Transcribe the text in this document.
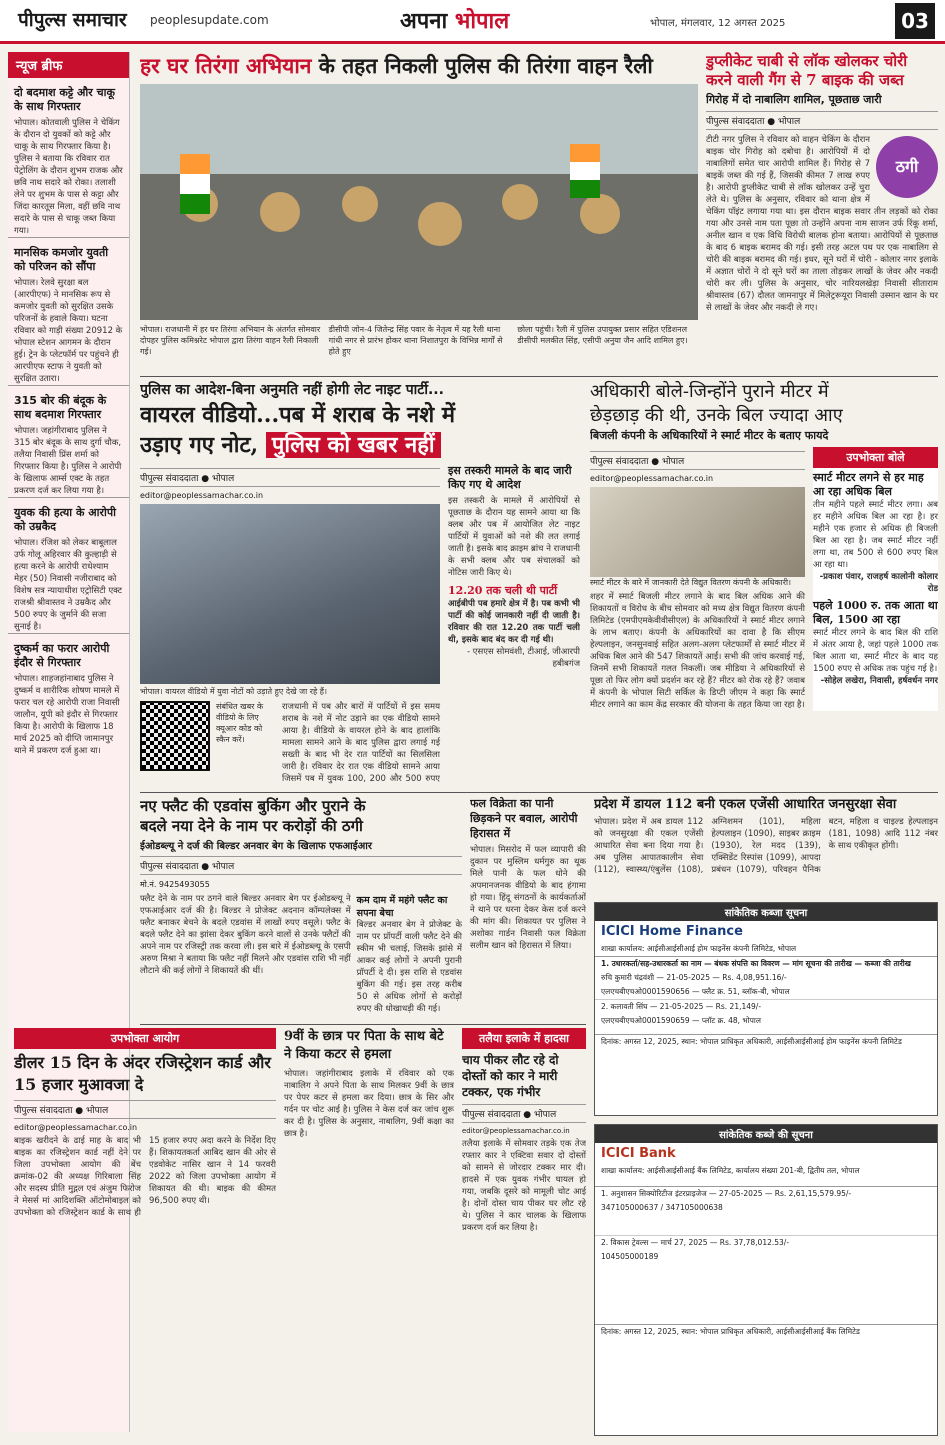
पीपुल्स समाचार peoplesupdate.com	अपना भोपाल	भोपाल, मंगलवार, 12 अगस्त 2025	03
न्यूज ब्रीफ
दो बदमाश कट्टे और चाकू के साथ गिरफ्तार
भोपाल। कोतवाली पुलिस ने चेकिंग के दौरान दो युवकों को कट्टे और चाकू के साथ गिरफ्तार किया है। पुलिस ने बताया कि रविवार रात पेट्रोलिंग के दौरान शुभम राजक और छवि नाथ सदारे को रोका। तलाशी लेने पर शुभम के पास से कट्टा और जिंदा कारतूस मिला, वहीं छवि नाथ सदारे के पास से चाकू जब्त किया गया।
मानसिक कमजोर युवती को परिजन को सौंपा
भोपाल। रेलवे सुरक्षा बल (आरपीएफ) ने मानसिक रूप से कमजोर युवती को सुरक्षित उसके परिजनों के हवाले किया। घटना रविवार को गाड़ी संख्या 20912 के भोपाल स्टेशन आगमन के दौरान हुई। ट्रेन के प्लेटफॉर्म पर पहुंचने ही आरपीएफ स्टाफ ने युवती को सुरक्षित उतारा।
315 बोर की बंदूक के साथ बदमाश गिरफ्तार
भोपाल। जहांगीराबाद पुलिस ने 315 बोर बंदूक के साथ दुर्गा चौक, तलैया निवासी प्रिंस शर्मा को गिरफ्तार किया है। पुलिस ने आरोपी के खिलाफ आर्म्स एक्ट के तहत प्रकरण दर्ज कर लिया गया है।
युवक की हत्या के आरोपी को उम्रकैद
भोपाल। रंजिश को लेकर बाबूलाल उर्फ गोलू अहिरवार की कुल्हाड़ी से हत्या करने के आरोपी राधेश्याम मेहर (50) निवासी नजीराबाद को विशेष सत्र न्यायाधीश एट्रोसिटी एक्ट राजश्री श्रीवास्तव ने उम्रकैद और 500 रुपए के जुर्माने की सजा सुनाई है।
दुष्कर्म का फरार आरोपी इंदौर से गिरफ्तार
भोपाल। शाहजहांनाबाद पुलिस ने दुष्कर्म व शारीरिक शोषण मामले में फरार चल रहे आरोपी राजा निवासी जालौन, यूपी को इंदौर से गिरफ्तार किया है। आरोपी के खिलाफ 18 मार्च 2025 को दीप्ति जामानपुर थाने में प्रकरण दर्ज हुआ था।
हर घर तिरंगा अभियान के तहत निकली पुलिस की तिरंगा वाहन रैली
भोपाल। राजधानी में हर घर तिरंगा अभियान के अंतर्गत सोमवार दोपहर पुलिस कमिश्नरेट भोपाल द्वारा तिरंगा वाहन रैली निकाली गई।
डीसीपी जोन-4 जितेन्द्र सिंह पवार के नेतृत्व में यह रैली थाना गांधी नगर से प्रारंभ होकर थाना निशातपुरा के विभिन्न मार्गों से होते हुए
छोला पहुंची। रैली में पुलिस उपायुक्त प्रसार सहित एडिशनल डीसीपी मलकीत सिंह, एसीपी अनुया जैन आदि शामिल हुए।
डुप्लीकेट चाबी से लॉक खोलकर चोरी
करने वाली गैंग से 7 बाइक की जब्त
गिरोह में दो नाबालिग शामिल, पूछताछ जारी
पीपुल्स संवाददाता ● भोपाल
ठगी
टीटी नगर पुलिस ने रविवार को वाहन चेकिंग के दौरान बाइक चोर गिरोह को दबोचा है। आरोपियों में दो नाबालिगों समेत चार आरोपी शामिल हैं। गिरोह से 7 बाइकें जब्त की गई हैं, जिसकी कीमत 7 लाख रुपए है। आरोपी डुप्लीकेट चाबी से लॉक खोलकर उन्हें चुरा लेते थे। पुलिस के अनुसार, रविवार को थाना क्षेत्र में चेकिंग पॉइंट लगाया गया था। इस दौरान बाइक सवार तीन लड़कों को रोका गया और उनसे नाम पता पूछा तो उन्होंने अपना नाम साजन उर्फ रिंकू शर्मा, अनील खान व एक विधि विरोधी बालक होना बताया। आरोपियों से पूछताछ के बाद 6 बाइक बरामद की गई। इसी तरह अटल पथ पर एक नाबालिग से चोरी की बाइक बरामद की गई। इधर, सूने घरों में चोरी - कोलार नगर इलाके में अज्ञात चोरों ने दो सूने घरों का ताला तोड़कर लाखों के जेवर और नकदी चोरी कर ली। पुलिस के अनुसार, चोर नारियलखेड़ा निवासी सीताराम श्रीवास्तव (67) दौलत जामनापुर में मिलेट्ररूयूरा निवासी उस्मान खान के घर से लाखों के जेवर और नकदी ले गए।
पुलिस का आदेश-बिना अनुमति नहीं होगी लेट नाइट पार्टी...
वायरल वीडियो...पब में शराब के नशे में
उड़ाए गए नोट, पुलिस को खबर नहीं
पीपुल्स संवाददाता ● भोपाल
editor@peoplessamachar.co.in
भोपाल। वायरल वीडियो में युवा नोटों को उड़ाते हुए देखे जा रहे हैं।
संबंधित खबर के वीडियो के लिए क्यूआर कोड को स्कैन करें।
राजधानी में पब और बारों में पार्टियों में इस समय शराब के नशे में नोट उड़ाने का एक वीडियो सामने आया है। वीडियो के वायरल होने के बाद हालांकि मामला सामने आने के बाद पुलिस द्वारा लगाई गई सख्ती के बाद भी देर रात पार्टियों का सिलसिला जारी है। रविवार देर रात एक वीडियो सामने आया जिसमें पब में युवक 100, 200 और 500 रुपए
इस तस्करी मामले के बाद जारी किए गए थे आदेश
इस तस्करी के मामले में आरोपियों से पूछताछ के दौरान यह सामने आया था कि क्लब और पब में आयोजित लेट नाइट पार्टियों में युवाओं को नशे की लत लगाई जाती है। इसके बाद क्राइम ब्रांच ने राजधानी के सभी क्लब और पब संचालकों को नोटिस जारी किए थे।
12.20 तक चली थी पार्टी
आईबीपी पब हमारे क्षेत्र में है। पब कभी भी पार्टी की कोई जानकारी नहीं दी जाती है। रविवार की रात 12.20 तक पार्टी चली थी, इसके बाद बंद कर दी गई थी।
- एसएस सोमवंशी, टीआई, जीआरपी हबीबगंज
अधिकारी बोले-जिन्होंने पुराने मीटर में
छेड़छाड़ की थी, उनके बिल ज्यादा आए
बिजली कंपनी के अधिकारियों ने स्मार्ट मीटर के बताए फायदे
पीपुल्स संवाददाता ● भोपाल
editor@peoplessamachar.co.in
स्मार्ट मीटर के बारे में जानकारी देते विद्युत वितरण कंपनी के अधिकारी।
शहर में स्मार्ट बिजली मीटर लगाने के बाद बिल अधिक आने की शिकायतों व विरोध के बीच सोमवार को मध्य क्षेत्र विद्युत वितरण कंपनी लिमिटेड (एमपीएमकेवीवीसीएल) के अधिकारियों ने स्मार्ट मीटर लगाने के लाभ बताए। कंपनी के अधिकारियों का दावा है कि सीएम हेल्पलाइन, जनसुनवाई सहित अलग-अलग प्लेटफार्मों से स्मार्ट मीटर में अधिक बिल आने की 547 शिकायतें आईं। सभी की जांच करवाई गई, जिनमें सभी शिकायतें गलत निकलीं। जब मीडिया ने अधिकारियों से पूछा तो फिर लोग क्यों प्रदर्शन कर रहे हैं? मीटर को रोक रहे हैं? जवाब में कंपनी के भोपाल सिटी सर्किल के डिप्टी जीएम ने कहा कि स्मार्ट मीटर लगाने का काम केंद्र सरकार की योजना के तहत किया जा रहा है।
उपभोक्ता बोले
स्मार्ट मीटर लगने से हर माह आ रहा अधिक बिल
तीन महीने पहले स्मार्ट मीटर लगा। अब हर महीने अधिक बिल आ रहा है। हर महीने एक हजार से अधिक ही बिजली बिल आ रहा है। जब स्मार्ट मीटर नहीं लगा था, तब 500 से 600 रुपए बिल आ रहा था।
-प्रकाश पंवार, राजहर्ष कालोनी कोलार रोड
पहले 1000 रु. तक आता था बिल, 1500 आ रहा
स्मार्ट मीटर लगने के बाद बिल की राशि में अंतर आया है, जहां पहले 1000 तक बिल आता था, स्मार्ट मीटर के बाद यह 1500 रुपए से अधिक तक पहुंच गई है।
-सोहेल लखेरा, निवासी, हर्षवर्धन नगर
नए फ्लैट की एडवांस बुकिंग और पुराने के
बदले नया देने के नाम पर करोड़ों की ठगी
ईओडब्ल्यू ने दर्ज की बिल्डर अनवार बेग के खिलाफ एफआईआर
पीपुल्स संवाददाता ● भोपाल
मो.नं. 9425493055
फ्लैट देने के नाम पर ठगने वाले बिल्डर अनवार बेग पर ईओडब्ल्यू ने एफआईआर दर्ज की है। बिल्डर ने प्रोजेक्ट अदनान कॉम्पलेक्स में फ्लैट बनाकर बेचने के बदले एडवांस में लाखों रुपए वसूले। फ्लैट के बदले फ्लैट देने का झांसा देकर बुकिंग करने वालों से उनके फ्लैटों की अपने नाम पर रजिस्ट्री तक करवा ली। इस बारे में ईओडब्ल्यू के एसपी अरुण मिश्रा ने बताया कि फ्लैट नहीं मिलने और एडवांस राशि भी नहीं लौटाने की कई लोगों ने शिकायतें की थीं।
कम दाम में महंगे फ्लैट का सपना बेचा
बिल्डर अनवार बेग ने प्रोजेक्ट के नाम पर प्रॉपर्टी वाली फ्लैट देने की स्कीम भी चलाई, जिसके झांसे में आकर कई लोगों ने अपनी पुरानी प्रॉपर्टी दे दी। इस राशि से एडवांस बुकिंग की गई। इस तरह करीब 50 से अधिक लोगों से करोड़ों रुपए की धोखाधड़ी की गई।
फल विक्रेता का पानी छिड़कने पर बवाल, आरोपी हिरासत में
भोपाल। मिसरोद में फल व्यापारी की दुकान पर मुस्लिम धर्मगुरु का थूक मिले पानी के फल धोने की अपमानजनक वीडियो के बाद हंगामा हो गया। हिंदू संगठनों के कार्यकर्ताओं ने थाने पर धरना देकर केस दर्ज करने की मांग की। शिकायत पर पुलिस ने अशोका गार्डन निवासी फल विक्रेता सलीम खान को हिरासत में लिया।
प्रदेश में डायल 112 बनी एकल एजेंसी आधारित जनसुरक्षा सेवा
भोपाल। प्रदेश में अब डायल 112 को जनसुरक्षा की एकल एजेंसी आधारित सेवा बना दिया गया है। अब पुलिस आपातकालीन सेवा (112), स्वास्थ्य/एंबुलेंस (108), अग्निशमन (101), महिला हेल्पलाइन (1090), साइबर क्राइम (1930), रेल मदद (139), एक्सिडेंट रिस्पांस (1099), आपदा प्रबंधन (1079), परिवहन पैनिक बटन, महिला व चाइल्ड हेल्पलाइन (181, 1098) आदि 112 नंबर के साथ एकीकृत होंगी।
सांकेतिक कब्जा सूचना
ICICI Home Finance
शाखा कार्यालय: आईसीआईसीआई होम फाइनेंस कंपनी लिमिटेड, भोपाल
1. उधारकर्ता/सह-उधारकर्ता का नाम — बंधक संपत्ति का विवरण — मांग सूचना की तारीख — कब्जा की तारीख
रुचि कुमारी चंद्रवंशी — 21-05-2025 — Rs. 4,08,951.16/-
एलएचबीएचओ0001590656 — फ्लैट क्र. 51, ब्लॉक-बी, भोपाल
2. कलावती सिंघ — 21-05-2025 — Rs. 21,149/-
एलएचबीएचओ0001590659 — प्लॉट क्र. 48, भोपाल
दिनांक: अगस्त 12, 2025, स्थान: भोपाल प्राधिकृत अधिकारी, आईसीआईसीआई होम फाइनेंस कंपनी लिमिटेड
उपभोक्ता आयोग
डीलर 15 दिन के अंदर रजिस्ट्रेशन कार्ड और 15 हजार मुआवजा दे
पीपुल्स संवाददाता ● भोपाल
editor@peoplessamachar.co.in
बाइक खरीदने के ढाई माह के बाद भी बाइक का रजिस्ट्रेशन कार्ड नहीं देने पर जिला उपभोक्ता आयोग की बेंच क्रमांक-02 की अध्यक्ष गिरिबाला सिंह और सदस्य प्रीति मुद्गल एवं अंजुम फिरोज ने मेसर्स मां आदिशक्ति ऑटोमोबाइल को उपभोक्ता को रजिस्ट्रेशन कार्ड के साथ ही 15 हजार रुपए अदा करने के निर्देश दिए हैं। शिकायतकर्ता आबिद खान की ओर से एडवोकेट नासिर खान ने 14 फरवरी 2022 को जिला उपभोक्ता आयोग में शिकायत की थी। बाइक की कीमत 96,500 रुपए थी।
9वीं के छात्र पर पिता के साथ बेटे ने किया कटर से हमला
भोपाल। जहांगीराबाद इलाके में रविवार को एक नाबालिग ने अपने पिता के साथ मिलकर 9वीं के छात्र पर पेपर कटर से हमला कर दिया। छात्र के सिर और गर्दन पर चोट आई है। पुलिस ने केस दर्ज कर जांच शुरू कर दी है। पुलिस के अनुसार, नाबालिग, 9वीं कक्षा का छात्र है।
तलैया इलाके में हादसा
चाय पीकर लौट रहे दो दोस्तों को कार ने मारी टक्कर, एक गंभीर
पीपुल्स संवाददाता ● भोपाल
editor@peoplessamachar.co.in
तलैया इलाके में सोमवार तड़के एक तेज रफ्तार कार ने एक्टिवा सवार दो दोस्तों को सामने से जोरदार टक्कर मार दी। हादसे में एक युवक गंभीर घायल हो गया, जबकि दूसरे को मामूली चोट आई है। दोनों दोस्त चाय पीकर घर लौट रहे थे। पुलिस ने कार चालक के खिलाफ प्रकरण दर्ज कर लिया है।
सांकेतिक कब्जे की सूचना
ICICI Bank
शाखा कार्यालय: आईसीआईसीआई बैंक लिमिटेड, कार्यालय संख्या 201-बी, द्वितीय तल, भोपाल
1. अनुशासन सिक्योरिटीज इंटरप्राइजेज — 27-05-2025 — Rs. 2,61,15,579.95/-
347105000637 / 347105000638
2. विकास ट्रेवल्स — मार्च 27, 2025 — Rs. 37,78,012.53/-
104505000189
दिनांक: अगस्त 12, 2025, स्थान: भोपाल प्राधिकृत अधिकारी, आईसीआईसीआई बैंक लिमिटेड
